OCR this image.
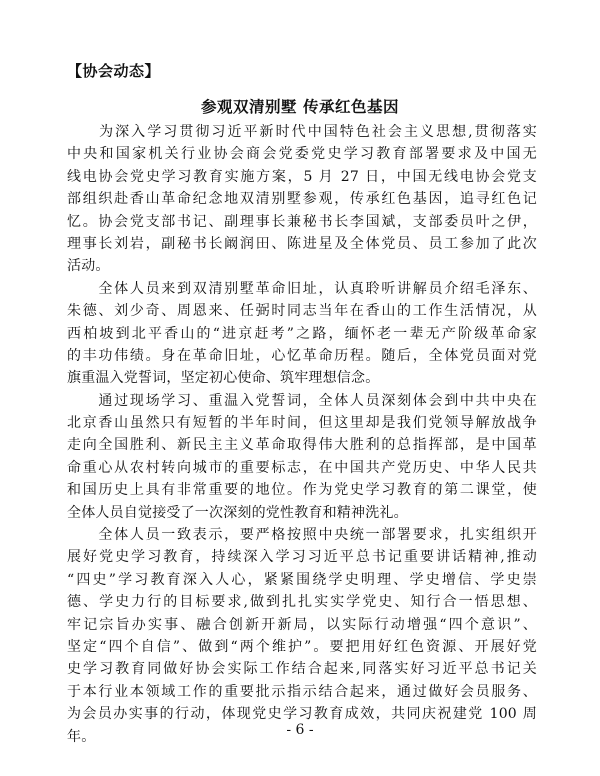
【协会动态】
参观双清别墅 传承红色基因
　　为深入学习贯彻习近平新时代中国特色社会主义思想,贯彻落实
中央和国家机关行业协会商会党委党史学习教育部署要求及中国无
线电协会党史学习教育实施方案，5 月 27 日，中国无线电协会党支
部组织赴香山革命纪念地双清别墅参观，传承红色基因，追寻红色记
忆。协会党支部书记、副理事长兼秘书长李国斌，支部委员叶之伊，
理事长刘岩，副秘书长阚润田、陈进星及全体党员、员工参加了此次
活动。
　　全体人员来到双清别墅革命旧址，认真聆听讲解员介绍毛泽东、
朱德、刘少奇、周恩来、任弼时同志当年在香山的工作生活情况，从
西柏坡到北平香山的“进京赶考”之路，缅怀老一辈无产阶级革命家
的丰功伟绩。身在革命旧址，心忆革命历程。随后，全体党员面对党
旗重温入党誓词，坚定初心使命、筑牢理想信念。
　　通过现场学习、重温入党誓词，全体人员深刻体会到中共中央在
北京香山虽然只有短暂的半年时间，但这里却是我们党领导解放战争
走向全国胜利、新民主主义革命取得伟大胜利的总指挥部，是中国革
命重心从农村转向城市的重要标志，在中国共产党历史、中华人民共
和国历史上具有非常重要的地位。作为党史学习教育的第二课堂，使
全体人员自觉接受了一次深刻的党性教育和精神洗礼。
　　全体人员一致表示，要严格按照中央统一部署要求，扎实组织开
展好党史学习教育，持续深入学习习近平总书记重要讲话精神,推动
“四史”学习教育深入人心，紧紧围绕学史明理、学史增信、学史崇
德、学史力行的目标要求,做到扎扎实实学党史、知行合一悟思想、
牢记宗旨办实事、融合创新开新局，以实际行动增强“四个意识”、
坚定“四个自信”、做到“两个维护”。要把用好红色资源、开展好党
史学习教育同做好协会实际工作结合起来,同落实好习近平总书记关
于本行业本领域工作的重要批示指示结合起来，通过做好会员服务、
为会员办实事的行动，体现党史学习教育成效，共同庆祝建党 100 周
年。	- 6 -
